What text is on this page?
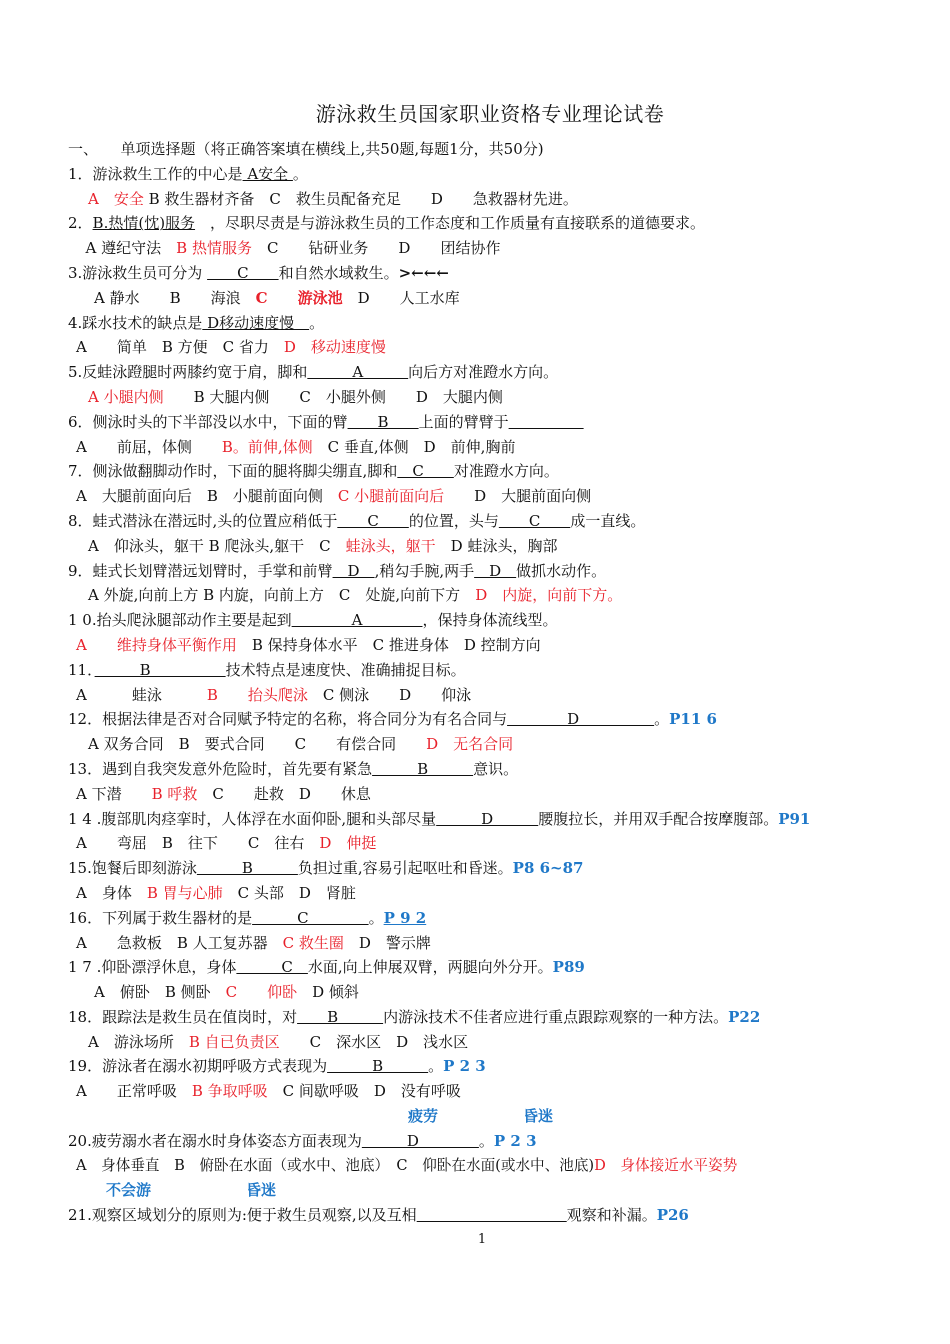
游泳救生员国家职业资格专业理论试卷
一、　　单项选择题（将正确答案填在横线上,共50题,每题1分，共50分)
1．游泳救生工作的中心是 A安全 。
A　安全 B 救生器材齐备　C　救生员配备充足　　D　　急救器材先进。
2．B.热情(忱)服务　，尽职尽责是与游泳救生员的工作态度和工作质量有直接联系的道德要求。
A 遵纪守法　B 热情服务　C　　钻研业务　　D　　团结协作
3.游泳救生员可分为 　　C　　和自然水域救生。>←←←
A 静水　　B　　海浪　C　　游泳池　D　　人工水库
4.踩水技术的缺点是 D移动速度慢　。
A　　简单　B 方便　C 省力　D　移动速度慢
5.反蛙泳蹬腿时两膝约宽于肩，脚和　　　A　　　向后方对准蹬水方向。
A 小腿内侧　　B 大腿内侧　　C　小腿外侧　　D　大腿内侧
6．侧泳时头的下半部没以水中，下面的臂　　B　　上面的臂臂于　　　　　
A　　前屈，体侧　　B。前伸,体侧　C 垂直,体侧　D　前伸,胸前
7．侧泳做翻脚动作时，下面的腿将脚尖绷直,脚和　C　　对准蹬水方向。
A　大腿前面向后　B　小腿前面向侧　C 小腿前面向后　　D　大腿前面向侧
8．蛙式潜泳在潜远时,头的位置应稍低于　　C　　的位置，头与　　C　　成一直线。
A　仰泳头，躯干 B 爬泳头,躯干　C　蛙泳头，躯干　D 蛙泳头，胸部
9．蛙式长划臂潜远划臂时，手掌和前臂　D　,稍勾手腕,两手　D　做抓水动作。
A 外旋,向前上方 B 内旋，向前上方　C　处旋,向前下方　D　内旋，向前下方。
1 0.抬头爬泳腿部动作主要是起到　　　　A　　　　，保持身体流线型。
A　　维持身体平衡作用　B 保持身体水平　C 推进身体　D 控制方向
11．　　　B　　　　　技术特点是速度快、准确捕捉目标。
A　　　蛙泳　　　B　　抬头爬泳　C 侧泳　　D　　仰泳
12．根据法律是否对合同赋予特定的名称，将合同分为有名合同与　　　　D　　　　　。P11 6
A 双务合同　B　要式合同　　C　　有偿合同　　D　无名合同
13．遇到自我突发意外危险时，首先要有紧急　　　B　　　意识。
A 下潜　　B 呼救　C　　赴救　D　　休息
1 4 .腹部肌肉痉挛时，人体浮在水面仰卧,腿和头部尽量　　　D　　　腰腹拉长，并用双手配合按摩腹部。P91
A　　弯屈　B　往下　　C　往右　D　伸挺
15.饱餐后即刻游泳　　　B　　　负担过重,容易引起呕吐和昏迷。P8 6~87
A　身体　B 胃与心肺　C 头部　D　肾脏
16．下列属于救生器材的是　　　C　　　　。P 9 2
A　　急救板　B 人工复苏器　C 救生圈　D　警示牌
1 7 .仰卧漂浮休息，身体　　　C　水面,向上伸展双臂，两腿向外分开。P89
A　俯卧　B 侧卧　C　　仰卧　D 倾斜
18．跟踪法是救生员在值岗时，对　　B　　　内游泳技术不佳者应进行重点跟踪观察的一种方法。P22
A　游泳场所　B 自已负责区　　C　深水区　D　浅水区
19．游泳者在溺水初期呼吸方式表现为　　　B　　　。P 2 3
A　　正常呼吸　B 争取呼吸　C 间歇呼吸　D　没有呼吸
疲劳	昏迷
20.疲劳溺水者在溺水时身体姿态方面表现为　　　D　　　　。P 2 3
A　身体垂直　B　俯卧在水面（或水中、池底）　C　仰卧在水面(或水中、池底)D　身体接近水平姿势
不会游	昏迷
21.观察区域划分的原则为:便于救生员观察,以及互相　　　　　　　　　　	观察和补漏。P26
1
